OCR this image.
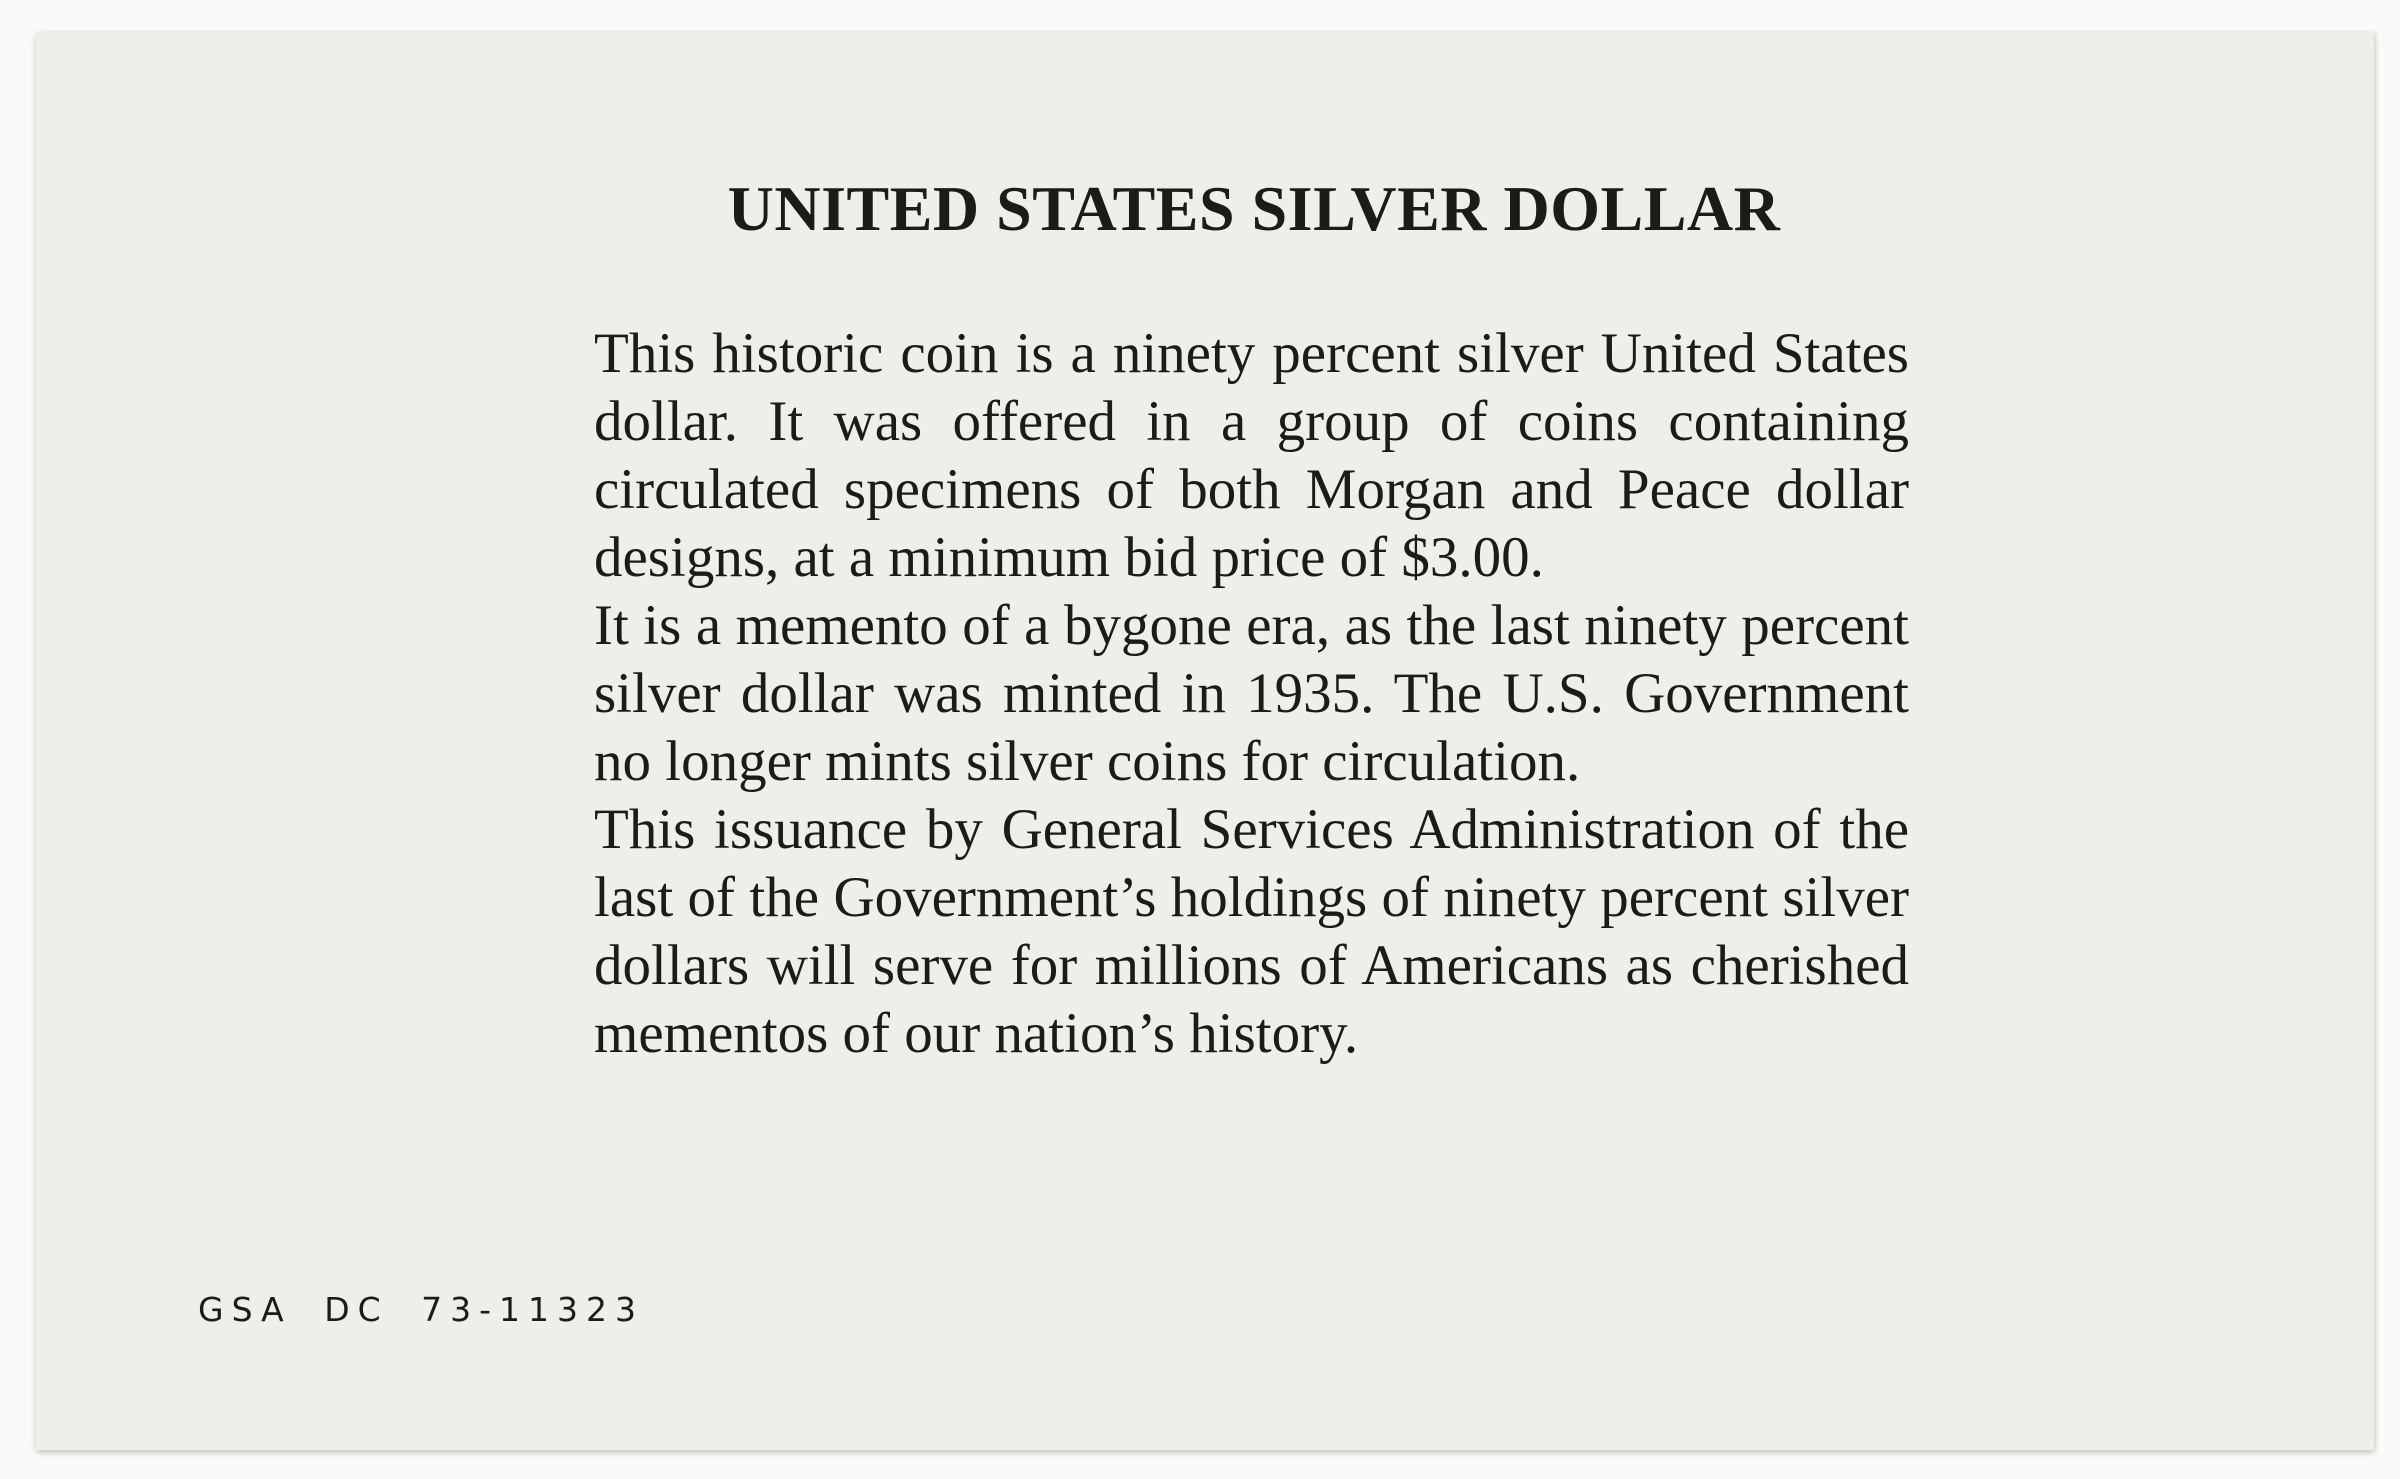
UNITED STATES SILVER DOLLAR

This historic coin is a ninety percent silver United States dollar. It was offered in a group of coins containing circulated specimens of both Morgan and Peace dollar designs, at a minimum bid price of $3.00.

It is a memento of a bygone era, as the last ninety percent silver dollar was minted in 1935. The U.S. Government no longer mints silver coins for circulation.

This issuance by General Services Administration of the last of the Government’s holdings of ninety percent silver dollars will serve for millions of Americans as cherished mementos of our nation’s history.

GSA DC 73-11323
